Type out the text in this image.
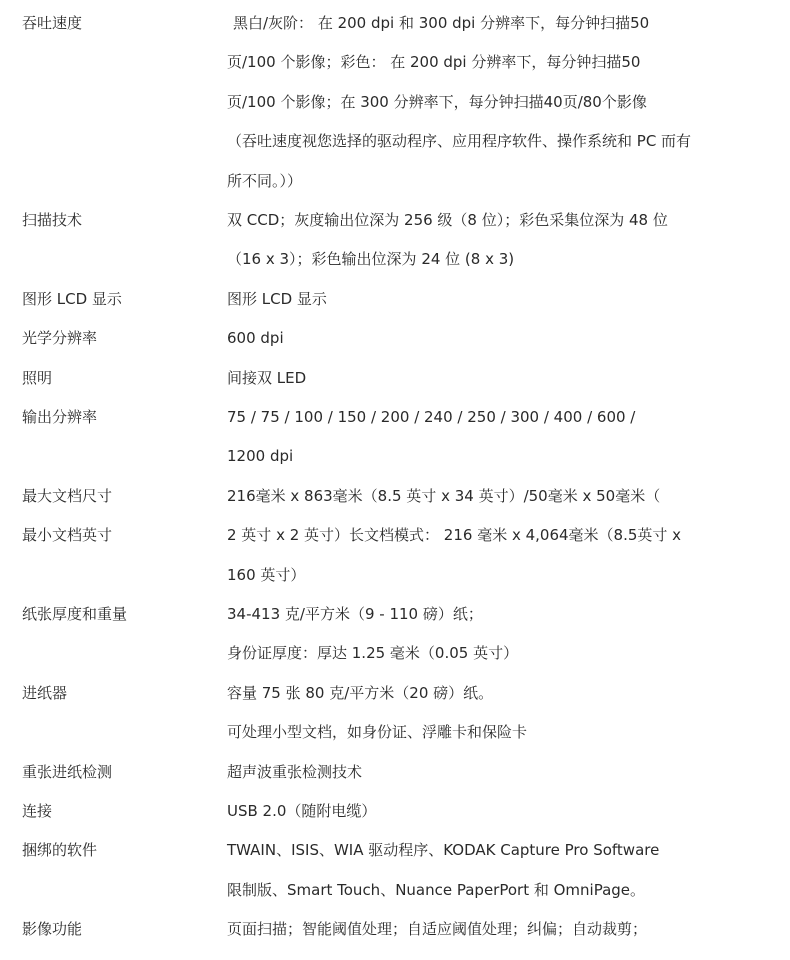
吞吐速度	黑白/灰阶： 在 200 dpi 和 300 dpi 分辨率下，每分钟扫描50
页/100 个影像；彩色： 在 200 dpi 分辨率下，每分钟扫描50
页/100 个影像；在 300 分辨率下，每分钟扫描40页/80个影像
（吞吐速度视您选择的驱动程序、应用程序软件、操作系统和 PC 而有
所不同。））
扫描技术	双 CCD；灰度输出位深为 256 级（8 位）；彩色采集位深为 48 位
（16 x 3）；彩色输出位深为 24 位 (8 x 3)
图形 LCD 显示	图形 LCD 显示
光学分辨率	600 dpi
照明	间接双 LED
输出分辨率	75 / 75 / 100 / 150 / 200 / 240 / 250 / 300 / 400 / 600 /
1200 dpi
最大文档尺寸	216毫米 x 863毫米（8.5 英寸 x 34 英寸）/50毫米 x 50毫米（
最小文档英寸	2 英寸 x 2 英寸）长文档模式： 216 毫米 x 4,064毫米（8.5英寸 x
160 英寸）
纸张厚度和重量	34-413 克/平方米（9 - 110 磅）纸；
身份证厚度：厚达 1.25 毫米（0.05 英寸）
进纸器	容量 75 张 80 克/平方米（20 磅）纸。
可处理小型文档，如身份证、浮雕卡和保险卡
重张进纸检测	超声波重张检测技术
连接	USB 2.0（随附电缆）
捆绑的软件	TWAIN、ISIS、WIA 驱动程序、KODAK Capture Pro Software
限制版、Smart Touch、Nuance PaperPort 和 OmniPage。
影像功能	页面扫描；智能阈值处理；自适应阈值处理；纠偏；自动裁剪；
